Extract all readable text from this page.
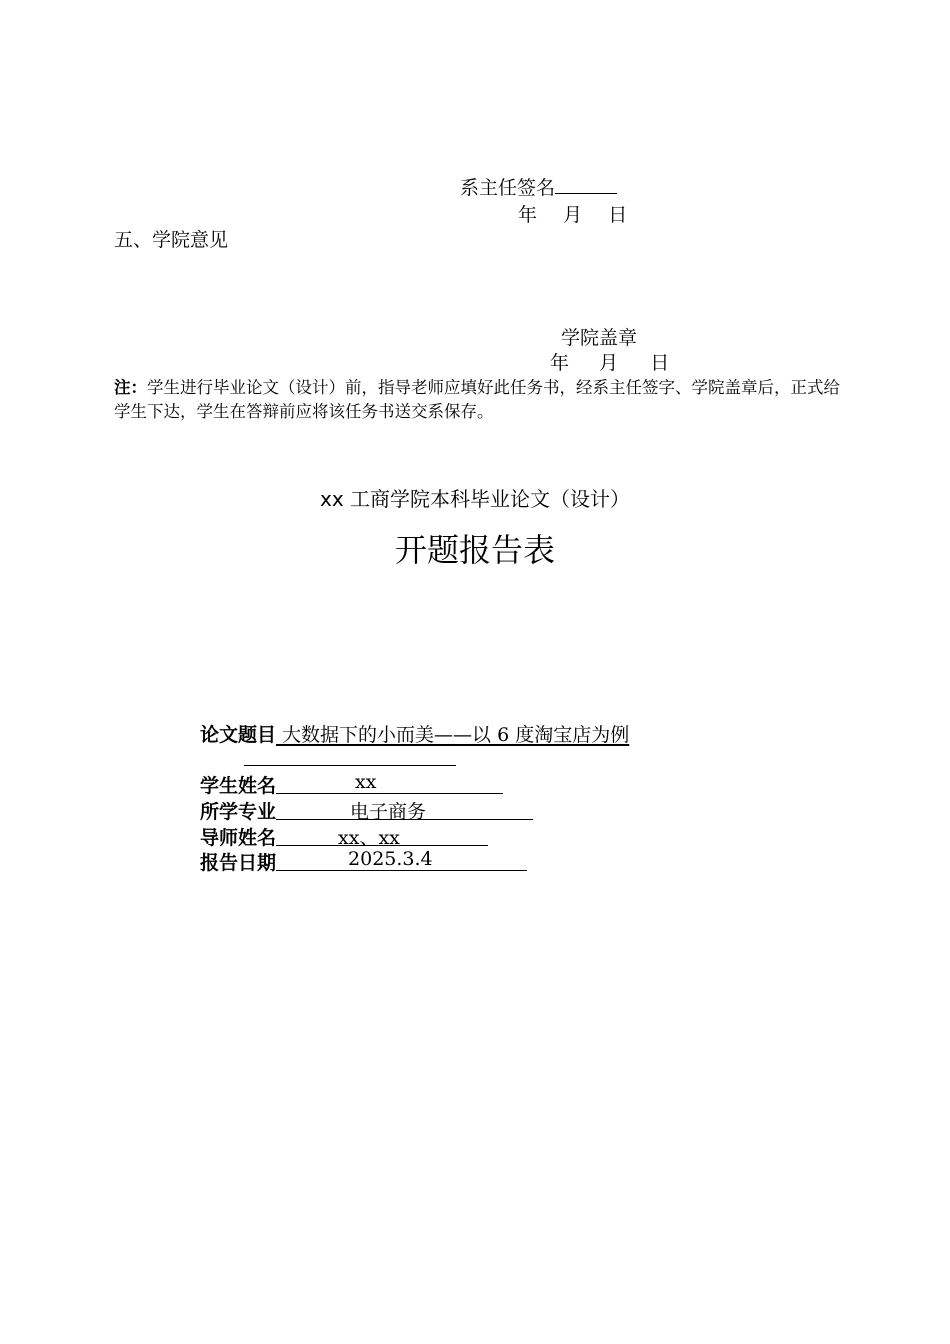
系主任签名
年 月 日
五、学院意见
学院盖章
年 月 日
注：学生进行毕业论文（设计）前，指导老师应填好此任务书，经系主任签字、学院盖章后，正式给学生下达，学生在答辩前应将该任务书送交系保存。
xx 工商学院本科毕业论文（设计）
开题报告表
论文题目 大数据下的小而美——以 6 度淘宝店为例
学生姓名	xx
所学专业	电子商务
导师姓名	xx、xx
报告日期	2025.3.4
